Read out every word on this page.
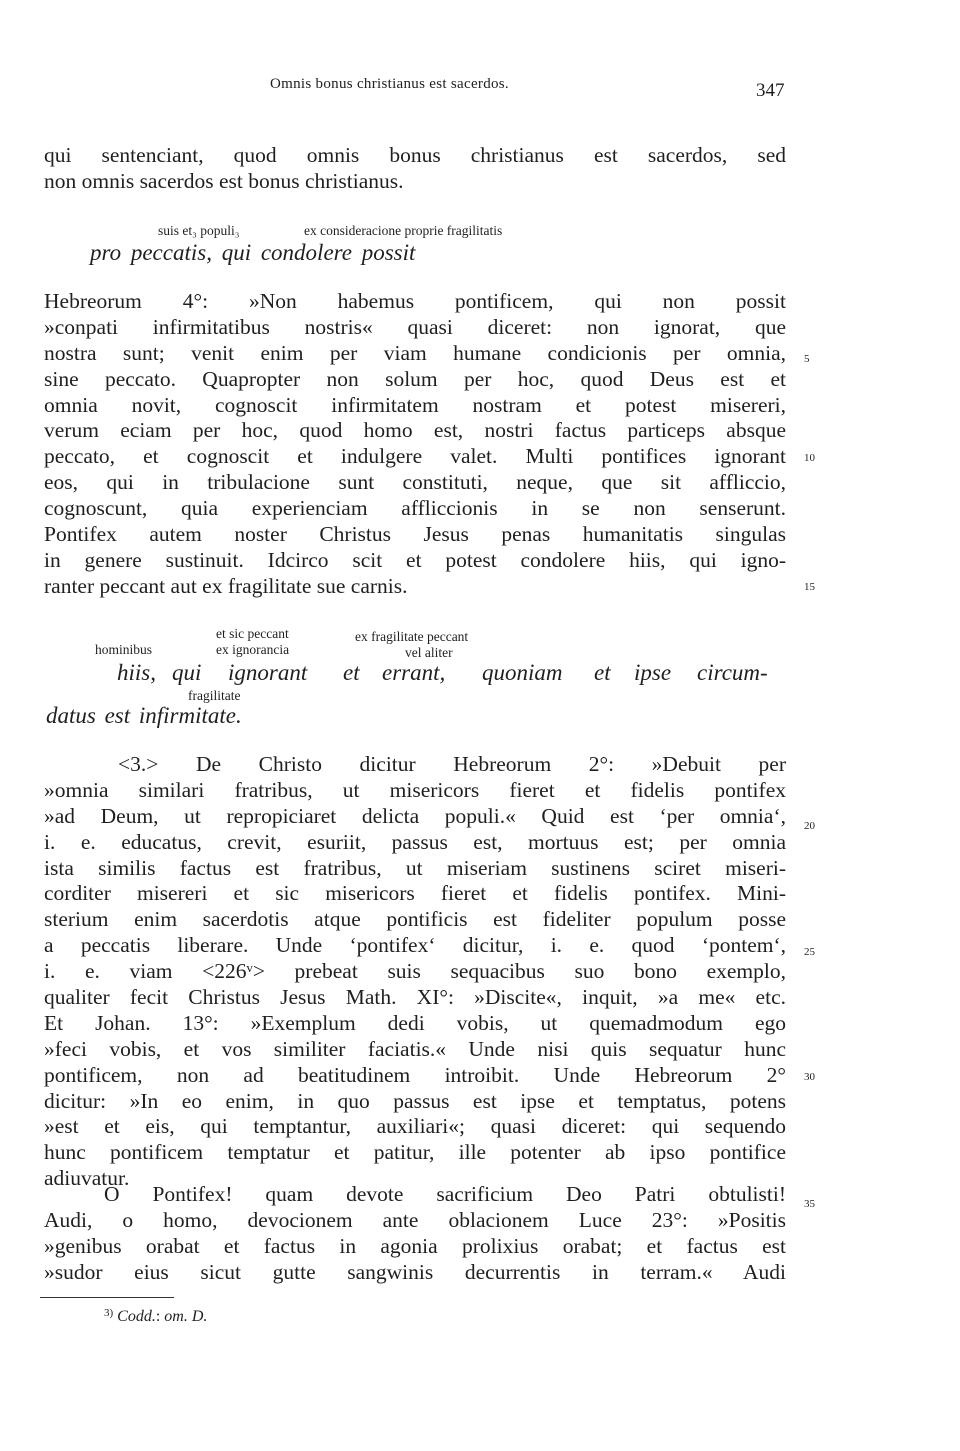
Omnis bonus christianus est sacerdos.	347
qui sentenciant, quod omnis bonus christianus est sacerdos, sed
non omnis sacerdos est bonus christianus.
suis et₃ populi₃	ex consideracione proprie fragilitatis
pro peccatis, qui condolere possit
Hebreorum 4°: »Non habemus pontificem, qui non possit
»conpati infirmitatibus nostris« quasi diceret: non ignorat, que
nostra sunt; venit enim per viam humane condicionis per omnia,
sine peccato. Quapropter non solum per hoc, quod Deus est et
omnia novit, cognoscit infirmitatem nostram et potest misereri,
verum eciam per hoc, quod homo est, nostri factus particeps absque
peccato, et cognoscit et indulgere valet. Multi pontifices ignorant
eos, qui in tribulacione sunt constituti, neque, que sit affliccio,
cognoscunt, quia experienciam affliccionis in se non senserunt.
Pontifex autem noster Christus Jesus penas humanitatis singulas
in genere sustinuit. Idcirco scit et potest condolere hiis, qui igno-
ranter peccant aut ex fragilitate sue carnis.
et sic peccant	ex fragilitate peccant
hominibus	ex ignorancia	vel aliter
hiis, qui ignorant et errant, quoniam et ipse circum-
fragilitate
datus est infirmitate.
<3.> De Christo dicitur Hebreorum 2°: »Debuit per
»omnia similari fratribus, ut misericors fieret et fidelis pontifex
»ad Deum, ut repropiciaret delicta populi.« Quid est ‘per omnia‘,
i. e. educatus, crevit, esuriit, passus est, mortuus est; per omnia
ista similis factus est fratribus, ut miseriam sustinens sciret miseri-
corditer misereri et sic misericors fieret et fidelis pontifex. Mini-
sterium enim sacerdotis atque pontificis est fideliter populum posse
a peccatis liberare. Unde ‘pontifex‘ dicitur, i. e. quod ‘pontem‘,
i. e. viam <226ᵛ> prebeat suis sequacibus suo bono exemplo,
qualiter fecit Christus Jesus Math. XI°: »Discite«, inquit, »a me« etc.
Et Johan. 13°: »Exemplum dedi vobis, ut quemadmodum ego
»feci vobis, et vos similiter faciatis.« Unde nisi quis sequatur hunc
pontificem, non ad beatitudinem introibit. Unde Hebreorum 2°
dicitur: »In eo enim, in quo passus est ipse et temptatus, potens
»est et eis, qui temptantur, auxiliari«; quasi diceret: qui sequendo
hunc pontificem temptatur et patitur, ille potenter ab ipso pontifice
adiuvatur.
O Pontifex! quam devote sacrificium Deo Patri obtulisti!
Audi, o homo, devocionem ante oblacionem Luce 23°: »Positis
»genibus orabat et factus in agonia prolixius orabat; et factus est
»sudor eius sicut gutte sangwinis decurrentis in terram.« Audi
5
10
15
20
25
30
35
$^{3)}$ Codd.: om. D.
